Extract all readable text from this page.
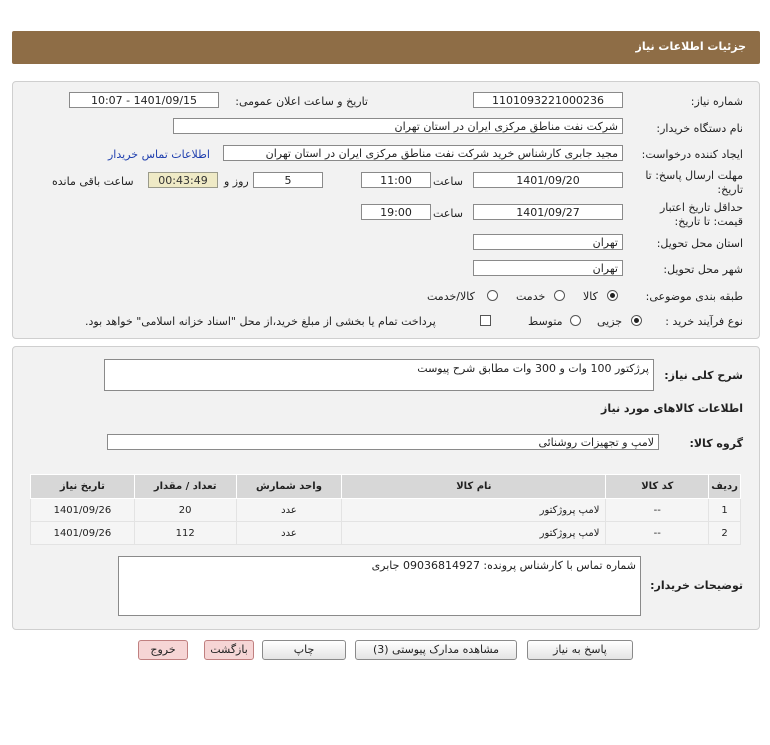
جزئیات اطلاعات نیاز
شماره نیاز:
1101093221000236
تاریخ و ساعت اعلان عمومی:
1401/09/15 - 10:07
نام دستگاه خریدار:
شرکت نفت مناطق مرکزی ایران در استان تهران
ایجاد کننده درخواست:
مجید جابری کارشناس خرید شرکت نفت مناطق مرکزی ایران در استان تهران
اطلاعات تماس خریدار
مهلت ارسال پاسخ: تا
تاریخ:
1401/09/20
ساعت
11:00
5
روز و
00:43:49
ساعت باقی مانده
حداقل تاریخ اعتبار
قیمت: تا تاریخ:
1401/09/27
ساعت
19:00
استان محل تحویل:
تهران
شهر محل تحویل:
تهران
طبقه بندی موضوعی:
کالا
خدمت
کالا/خدمت
نوع فرآیند خرید :
جزیی
متوسط
پرداخت تمام یا بخشی از مبلغ خرید،از محل "اسناد خزانه اسلامی" خواهد بود.
شرح کلی نیاز:
پرژکتور 100 وات و 300 وات مطابق شرح پیوست
اطلاعات کالاهای مورد نیاز
گروه کالا:
لامپ و تجهیزات روشنائی
ردیف	کد کالا	نام کالا	واحد شمارش	تعداد / مقدار	تاریخ نیاز
1	--	لامپ پروژکتور	عدد	20	1401/09/26
2	--	لامپ پروژکتور	عدد	112	1401/09/26
توضیحات خریدار:
شماره تماس با کارشناس پرونده: 09036814927 جابری
پاسخ به نیاز
مشاهده مدارک پیوستی (3)
چاپ
بازگشت
خروج
